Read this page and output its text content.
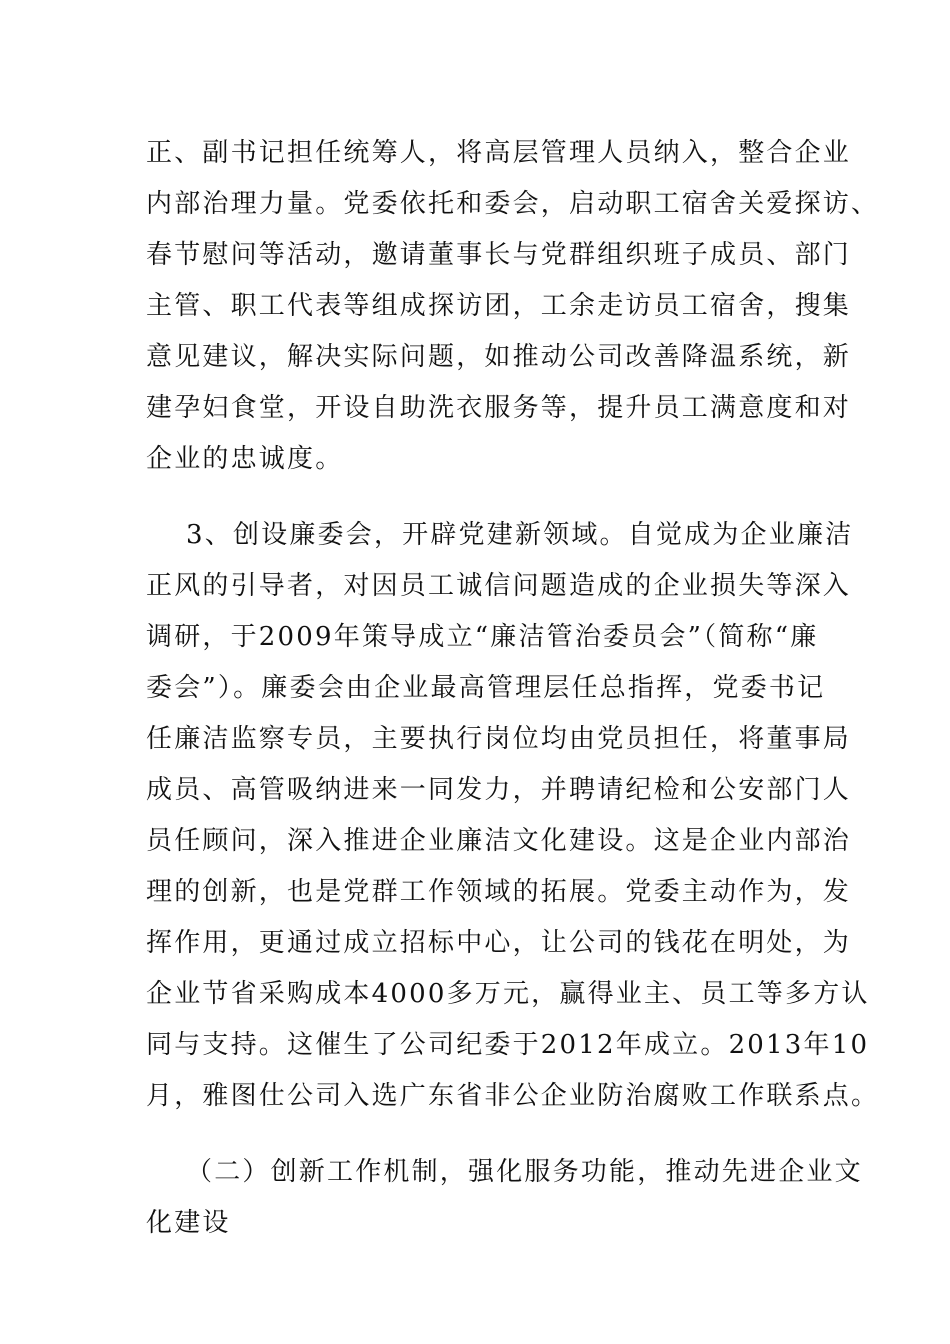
正、副书记担任统筹人，将高层管理人员纳入，整合企业
内部治理力量。党委依托和委会，启动职工宿舍关爱探访、
春节慰问等活动，邀请董事长与党群组织班子成员、部门
主管、职工代表等组成探访团，工余走访员工宿舍，搜集
意见建议，解决实际问题，如推动公司改善降温系统，新
建孕妇食堂，开设自助洗衣服务等，提升员工满意度和对
企业的忠诚度。
3、创设廉委会，开辟党建新领域。自觉成为企业廉洁
正风的引导者，对因员工诚信问题造成的企业损失等深入
调研，于2009年策导成立“廉洁管治委员会”（简称“廉
委会”）。廉委会由企业最高管理层任总指挥，党委书记
任廉洁监察专员，主要执行岗位均由党员担任，将董事局
成员、高管吸纳进来一同发力，并聘请纪检和公安部门人
员任顾问，深入推进企业廉洁文化建设。这是企业内部治
理的创新，也是党群工作领域的拓展。党委主动作为，发
挥作用，更通过成立招标中心，让公司的钱花在明处，为
企业节省采购成本4000多万元，赢得业主、员工等多方认
同与支持。这催生了公司纪委于2012年成立。2013年10
月，雅图仕公司入选广东省非公企业防治腐败工作联系点。
（二）创新工作机制，强化服务功能，推动先进企业文
化建设
